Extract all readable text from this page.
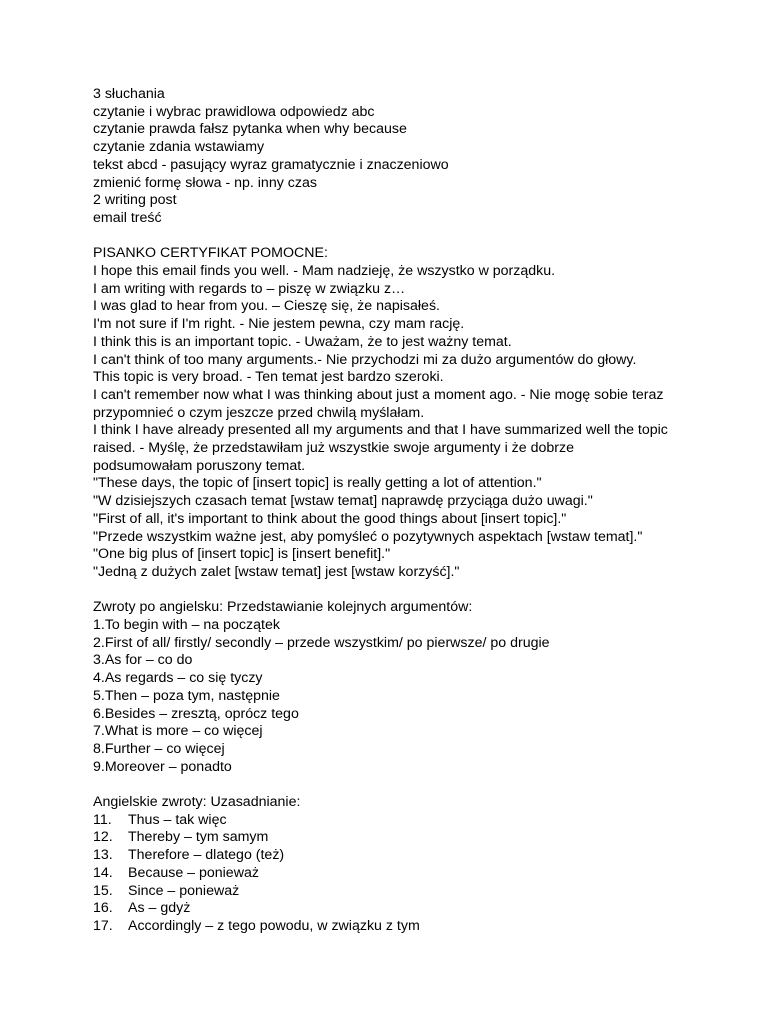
3 słuchania
czytanie i wybrac prawidlowa odpowiedz abc
czytanie prawda fałsz pytanka when why because
czytanie zdania wstawiamy
tekst abcd - pasujący wyraz gramatycznie i znaczeniowo
zmienić formę słowa - np. inny czas
2 writing post
email treść
PISANKO CERTYFIKAT POMOCNE:
I hope this email finds you well. - Mam nadzieję, że wszystko w porządku.
I am writing with regards to – piszę w związku z…
I was glad to hear from you. – Cieszę się, że napisałeś.
I'm not sure if I'm right. - Nie jestem pewna, czy mam rację.
I think this is an important topic. - Uważam, że to jest ważny temat.
I can't think of too many arguments.- Nie przychodzi mi za dużo argumentów do głowy.
This topic is very broad. - Ten temat jest bardzo szeroki.
I can't remember now what I was thinking about just a moment ago. - Nie mogę sobie teraz
przypomnieć o czym jeszcze przed chwilą myślałam.
I think I have already presented all my arguments and that I have summarized well the topic
raised. - Myślę, że przedstawiłam już wszystkie swoje argumenty i że dobrze
podsumowałam poruszony temat.
"These days, the topic of [insert topic] is really getting a lot of attention."
"W dzisiejszych czasach temat [wstaw temat] naprawdę przyciąga dużo uwagi."
"First of all, it's important to think about the good things about [insert topic]."
"Przede wszystkim ważne jest, aby pomyśleć o pozytywnych aspektach [wstaw temat]."
"One big plus of [insert topic] is [insert benefit]."
"Jedną z dużych zalet [wstaw temat] jest [wstaw korzyść]."
Zwroty po angielsku: Przedstawianie kolejnych argumentów:
1.To begin with – na początek
2.First of all/ firstly/ secondly – przede wszystkim/ po pierwsze/ po drugie
3.As for – co do
4.As regards – co się tyczy
5.Then – poza tym, następnie
6.Besides – zresztą, oprócz tego
7.What is more – co więcej
8.Further – co więcej
9.Moreover – ponadto
Angielskie zwroty: Uzasadnianie:
11.	Thus – tak więc
12.	Thereby – tym samym
13.	Therefore – dlatego (też)
14.	Because – ponieważ
15.	Since – ponieważ
16.	As – gdyż
17.	Accordingly – z tego powodu, w związku z tym
